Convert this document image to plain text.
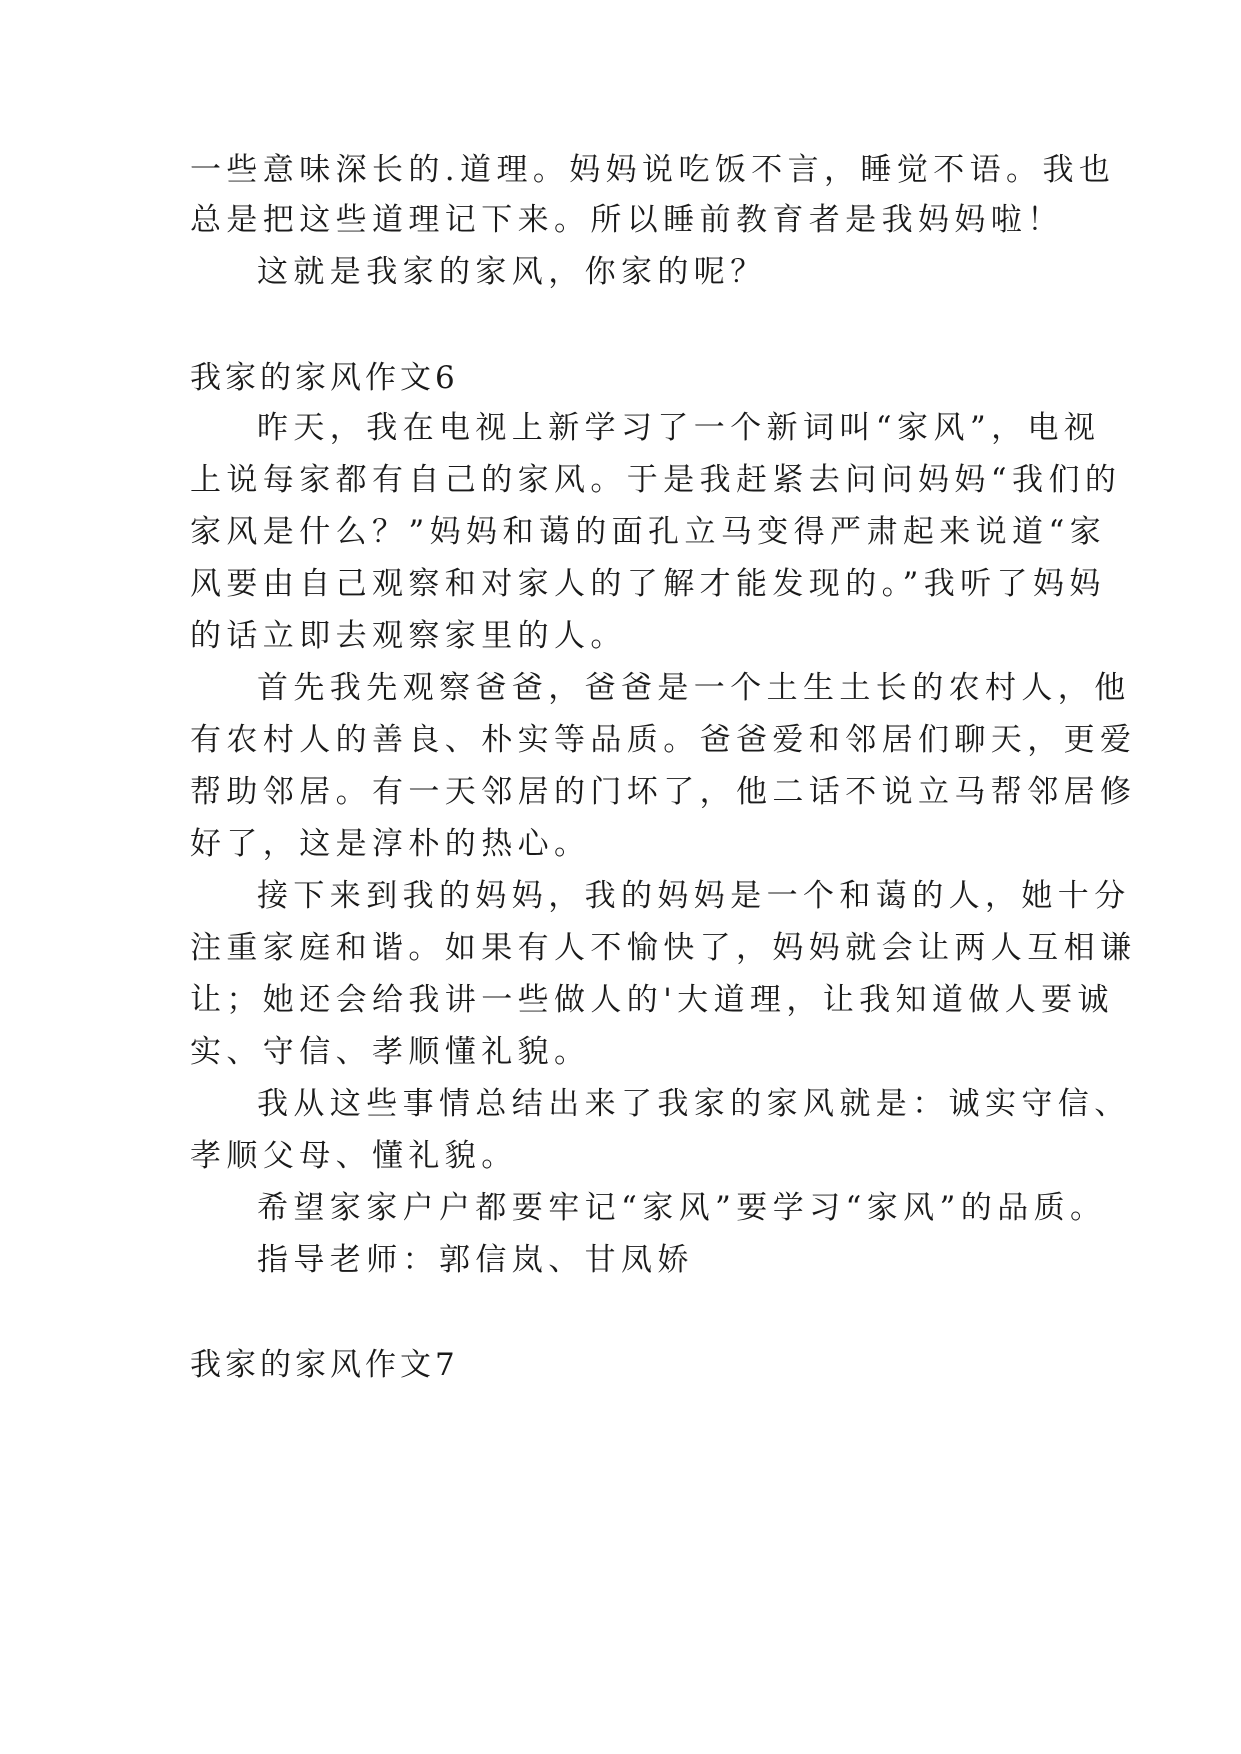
一些意味深长的.道理。妈妈说吃饭不言，睡觉不语。我也
总是把这些道理记下来。所以睡前教育者是我妈妈啦！
这就是我家的家风，你家的呢？
我家的家风作文6
昨天，我在电视上新学习了一个新词叫“家风”，电视
上说每家都有自己的家风。于是我赶紧去问问妈妈“我们的
家风是什么？”妈妈和蔼的面孔立马变得严肃起来说道“家
风要由自己观察和对家人的了解才能发现的。”我听了妈妈
的话立即去观察家里的人。
首先我先观察爸爸，爸爸是一个土生土长的农村人，他
有农村人的善良、朴实等品质。爸爸爱和邻居们聊天，更爱
帮助邻居。有一天邻居的门坏了，他二话不说立马帮邻居修
好了，这是淳朴的热心。
接下来到我的妈妈，我的妈妈是一个和蔼的人，她十分
注重家庭和谐。如果有人不愉快了，妈妈就会让两人互相谦
让；她还会给我讲一些做人的'大道理，让我知道做人要诚
实、守信、孝顺懂礼貌。
我从这些事情总结出来了我家的家风就是：诚实守信、
孝顺父母、懂礼貌。
希望家家户户都要牢记“家风”要学习“家风”的品质。
指导老师：郭信岚、甘凤娇
我家的家风作文7
